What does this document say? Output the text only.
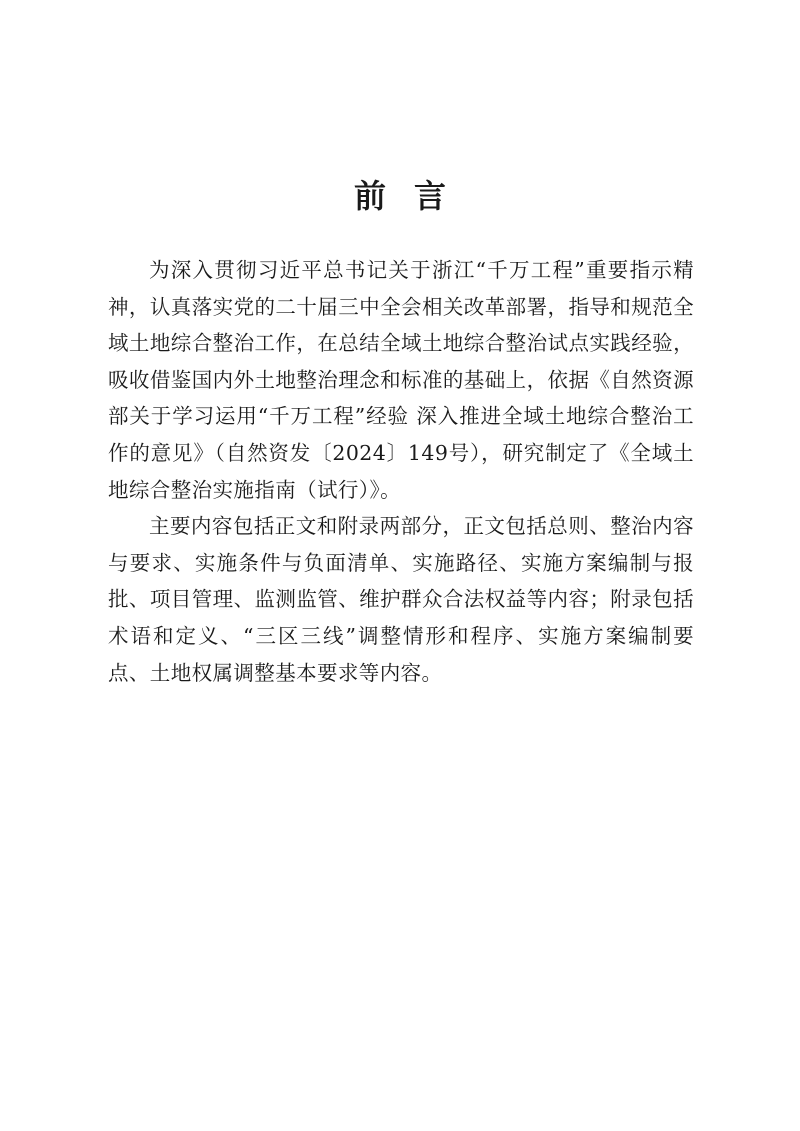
前言

为深入贯彻习近平总书记关于浙江“千万工程”重要指示精神，认真落实党的二十届三中全会相关改革部署，指导和规范全域土地综合整治工作，在总结全域土地综合整治试点实践经验，吸收借鉴国内外土地整治理念和标准的基础上，依据《自然资源部关于学习运用“千万工程”经验 深入推进全域土地综合整治工作的意见》（自然资发〔2024〕149号），研究制定了《全域土地综合整治实施指南（试行）》。

主要内容包括正文和附录两部分，正文包括总则、整治内容与要求、实施条件与负面清单、实施路径、实施方案编制与报批、项目管理、监测监管、维护群众合法权益等内容；附录包括术语和定义、“三区三线”调整情形和程序、实施方案编制要点、土地权属调整基本要求等内容。
